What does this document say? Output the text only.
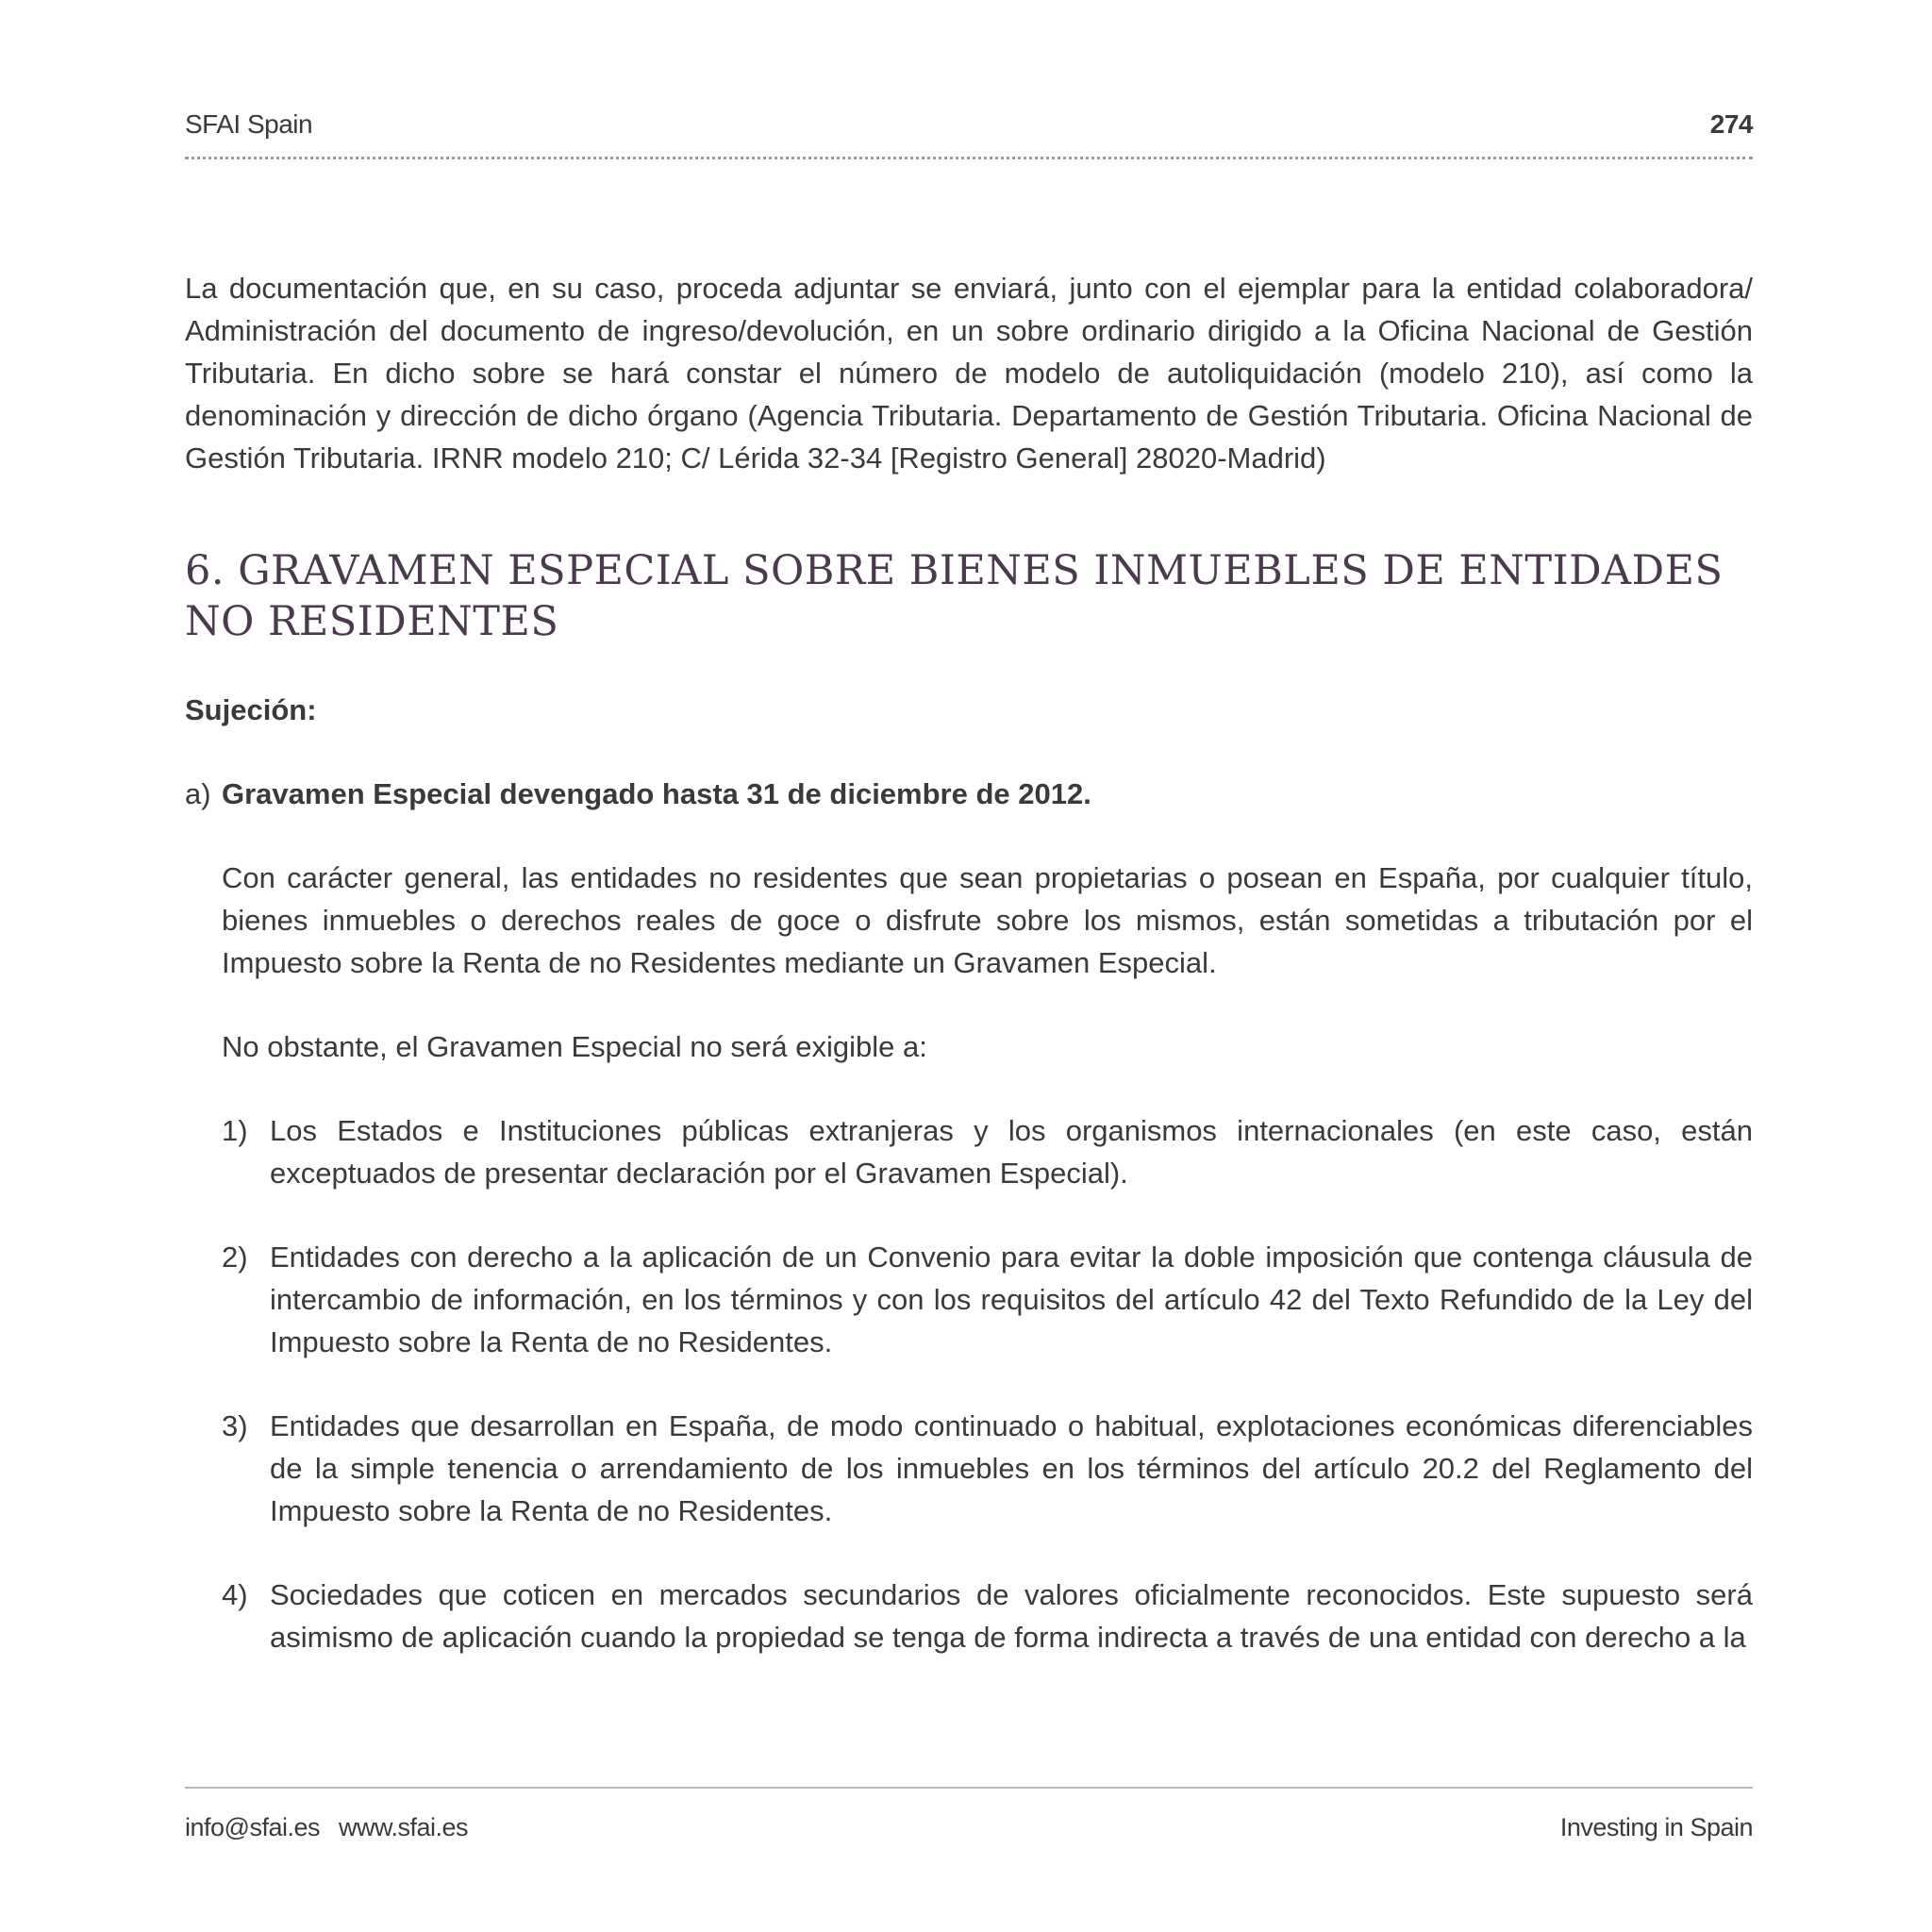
SFAI Spain	274

La documentación que, en su caso, proceda adjuntar se enviará, junto con el ejemplar para la entidad colaboradora/ Administración del documento de ingreso/devolución, en un sobre ordinario dirigido a la Oficina Nacional de Gestión Tributaria. En dicho sobre se hará constar el número de modelo de autoliquidación (modelo 210), así como la denominación y dirección de dicho órgano (Agencia Tributaria. Departamento de Gestión Tributaria. Oficina Nacional de Gestión Tributaria. IRNR modelo 210; C/ Lérida 32-34 [Registro General] 28020-Madrid)

6. GRAVAMEN ESPECIAL SOBRE BIENES INMUEBLES DE ENTIDADES NO RESIDENTES
Sujeción:
a) Gravamen Especial devengado hasta 31 de diciembre de 2012.

Con carácter general, las entidades no residentes que sean propietarias o posean en España, por cualquier título, bienes inmuebles o derechos reales de goce o disfrute sobre los mismos, están sometidas a tributación por el Impuesto sobre la Renta de no Residentes mediante un Gravamen Especial.

No obstante, el Gravamen Especial no será exigible a:

1) Los Estados e Instituciones públicas extranjeras y los organismos internacionales (en este caso, están exceptuados de presentar declaración por el Gravamen Especial).
2) Entidades con derecho a la aplicación de un Convenio para evitar la doble imposición que contenga cláusula de intercambio de información, en los términos y con los requisitos del artículo 42 del Texto Refundido de la Ley del Impuesto sobre la Renta de no Residentes.
3) Entidades que desarrollan en España, de modo continuado o habitual, explotaciones económicas diferenciables de la simple tenencia o arrendamiento de los inmuebles en los términos del artículo 20.2 del Reglamento del Impuesto sobre la Renta de no Residentes.
4) Sociedades que coticen en mercados secundarios de valores oficialmente reconocidos. Este supuesto será asimismo de aplicación cuando la propiedad se tenga de forma indirecta a través de una entidad con derecho a la
info@sfai.es www.sfai.es	Investing in Spain
